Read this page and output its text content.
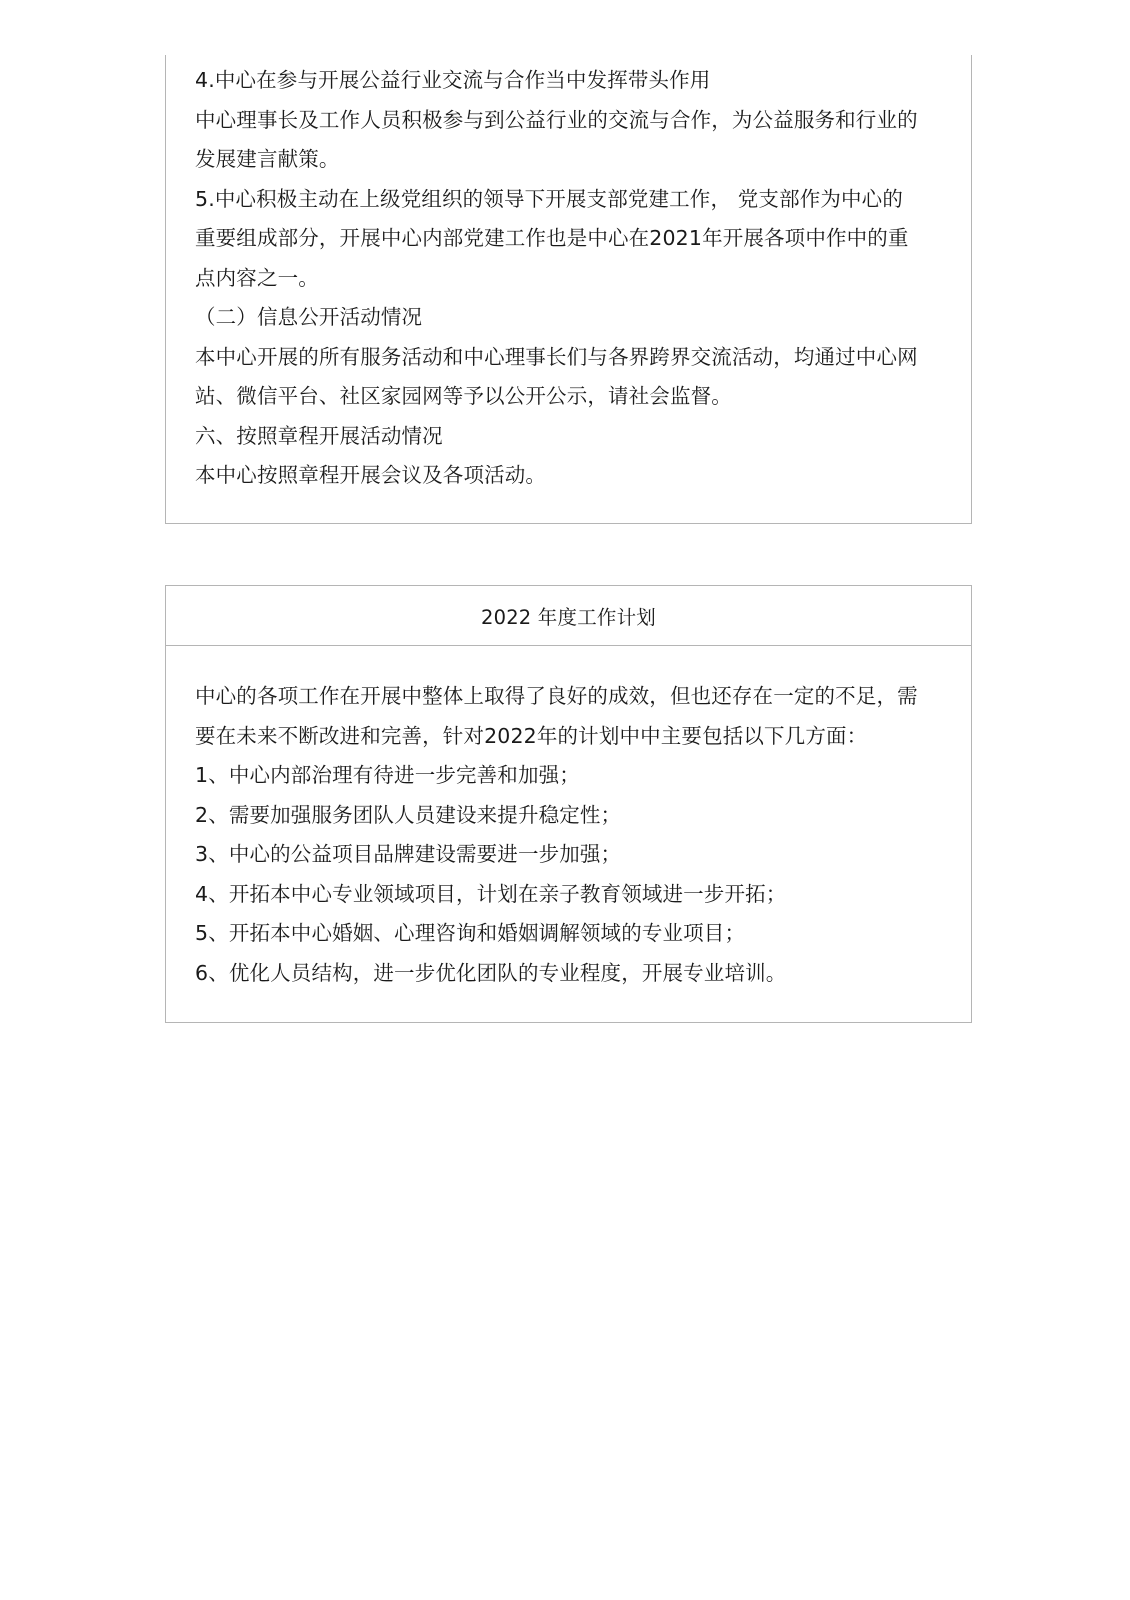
4.中心在参与开展公益行业交流与合作当中发挥带头作用
中心理事长及工作人员积极参与到公益行业的交流与合作，为公益服务和行业的
发展建言献策。
5.中心积极主动在上级党组织的领导下开展支部党建工作， 党支部作为中心的
重要组成部分，开展中心内部党建工作也是中心在2021年开展各项中作中的重
点内容之一。
（二）信息公开活动情况
本中心开展的所有服务活动和中心理事长们与各界跨界交流活动，均通过中心网
站、微信平台、社区家园网等予以公开公示，请社会监督。
六、按照章程开展活动情况
本中心按照章程开展会议及各项活动。
2022 年度工作计划
中心的各项工作在开展中整体上取得了良好的成效，但也还存在一定的不足，需
要在未来不断改进和完善，针对2022年的计划中中主要包括以下几方面：
1、中心内部治理有待进一步完善和加强；
2、需要加强服务团队人员建设来提升稳定性；
3、中心的公益项目品牌建设需要进一步加强；
4、开拓本中心专业领域项目，计划在亲子教育领域进一步开拓；
5、开拓本中心婚姻、心理咨询和婚姻调解领域的专业项目；
6、优化人员结构，进一步优化团队的专业程度，开展专业培训。
